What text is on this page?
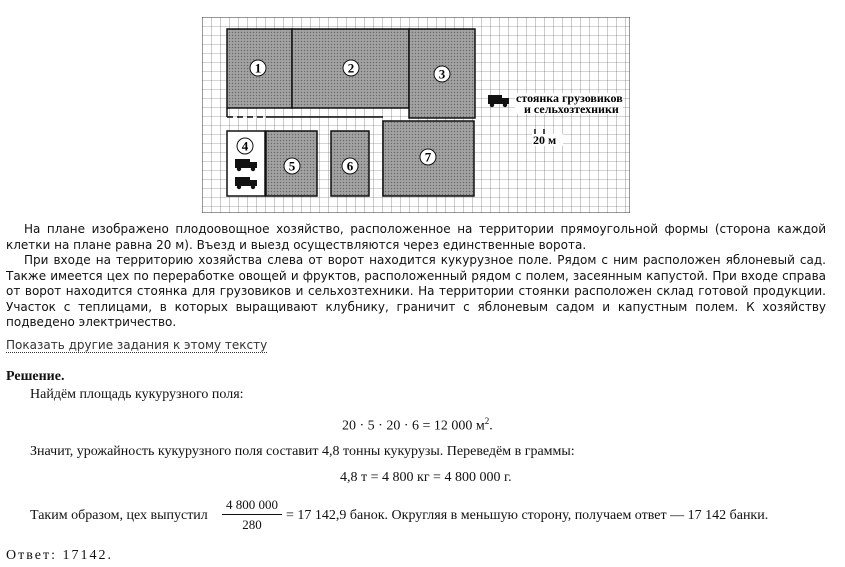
1	2	3
4
5	6
7
стоянка грузовиков
и сельхозтехники
20 м

На плане изображено плодоовощное хозяйство, расположенное на территории прямоугольной формы (сторона каждой клетки на плане равна 20 м). Въезд и выезд осуществляются через единственные ворота.

При входе на территорию хозяйства слева от ворот находится кукурузное поле. Рядом с ним расположен яблоневый сад. Также имеется цех по переработке овощей и фруктов, расположенный рядом с полем, засеянным капустой. При входе справа от ворот находится стоянка для грузовиков и сельхозтехники. На территории стоянки расположен склад готовой продукции. Участок с теплицами, в которых выращивают клубнику, граничит с яблоневым садом и капустным полем. К хозяйству подведено электричество.

Показать другие задания к этому тексту
Решение.
Найдём площадь кукурузного поля:
20 · 5 · 20 · 6 = 12 000 $м^2$.
Значит, урожайность кукурузного поля составит 4,8 тонны кукурузы. Переведём в граммы:
4,8 т = 4 800 кг = 4 800 000 г.
Таким образом, цех выпустил $\frac{4 800 000}{280} = 17$ 142,9 банок. Округляя в меньшую сторону, получаем ответ — 17 142 банки.
Ответ: 17142.
